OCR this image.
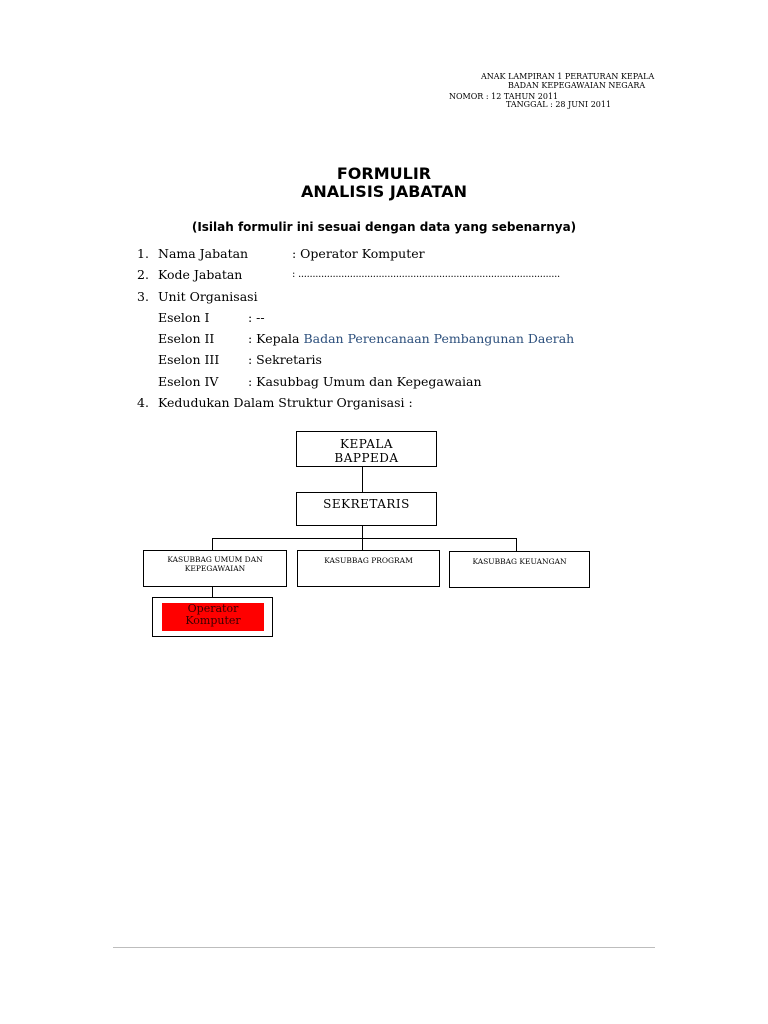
ANAK LAMPIRAN 1 PERATURAN KEPALA
BADAN KEPEGAWAIAN NEGARA
NOMOR : 12 TAHUN 2011
TANGGAL : 28 JUNI 2011
FORMULIR
ANALISIS JABATAN
(Isilah formulir ini sesuai dengan data yang sebenarnya)
1. Nama Jabatan	: Operator Komputer
2. Kode Jabatan	: ...........................................................................................
3. Unit Organisasi
Eselon I	: --
Eselon II	: Kepala Badan Perencanaan Pembangunan Daerah
Eselon III : Sekretaris
Eselon IV : Kasubbag Umum dan Kepegawaian
4. Kedudukan Dalam Struktur Organisasi :
KEPALA
BAPPEDA
SEKRETARIS
KASUBBAG UMUM DAN
KEPEGAWAIAN
KASUBBAG PROGRAM	KASUBBAG KEUANGAN
Operator
Komputer
